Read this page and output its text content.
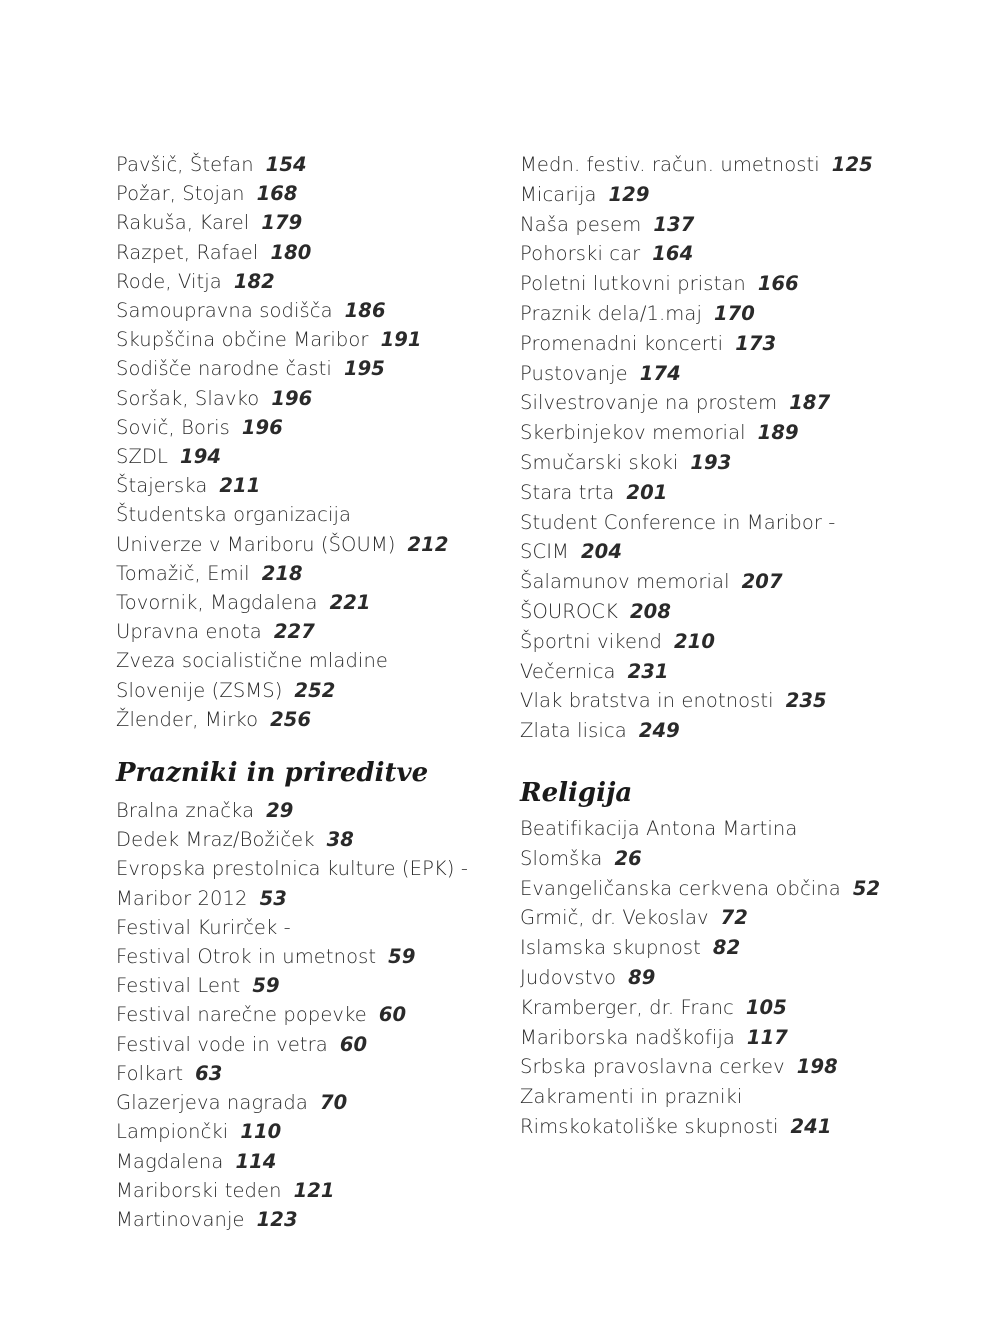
Pavšič, Štefan 154
Požar, Stojan 168
Rakuša, Karel 179
Razpet, Rafael 180
Rode, Vitja 182
Samoupravna sodišča 186
Skupščina občine Maribor 191
Sodišče narodne časti 195
Soršak, Slavko 196
Sovič, Boris 196
SZDL 194
Štajerska 211
Študentska organizacija
Univerze v Mariboru (ŠOUM) 212
Tomažič, Emil 218
Tovornik, Magdalena 221
Upravna enota 227
Zveza socialistične mladine
Slovenije (ZSMS) 252
Žlender, Mirko 256
Prazniki in prireditve
Bralna značka 29
Dedek Mraz/Božiček 38
Evropska prestolnica kulture (EPK) -
Maribor 2012 53
Festival Kurirček -
Festival Otrok in umetnost 59
Festival Lent 59
Festival narečne popevke 60
Festival vode in vetra 60
Folkart 63
Glazerjeva nagrada 70
Lampiončki 110
Magdalena 114
Mariborski teden 121
Martinovanje 123
Medn. festiv. račun. umetnosti 125
Micarija 129
Naša pesem 137
Pohorski car 164
Poletni lutkovni pristan 166
Praznik dela/1.maj 170
Promenadni koncerti 173
Pustovanje 174
Silvestrovanje na prostem 187
Skerbinjekov memorial 189
Smučarski skoki 193
Stara trta 201
Student Conference in Maribor -
SCIM 204
Šalamunov memorial 207
ŠOUROCK 208
Športni vikend 210
Večernica 231
Vlak bratstva in enotnosti 235
Zlata lisica 249
Religija
Beatifikacija Antona Martina
Slomška 26
Evangeličanska cerkvena občina 52
Grmič, dr. Vekoslav 72
Islamska skupnost 82
Judovstvo 89
Kramberger, dr. Franc 105
Mariborska nadškofija 117
Srbska pravoslavna cerkev 198
Zakramenti in prazniki
Rimskokatoliške skupnosti 241
